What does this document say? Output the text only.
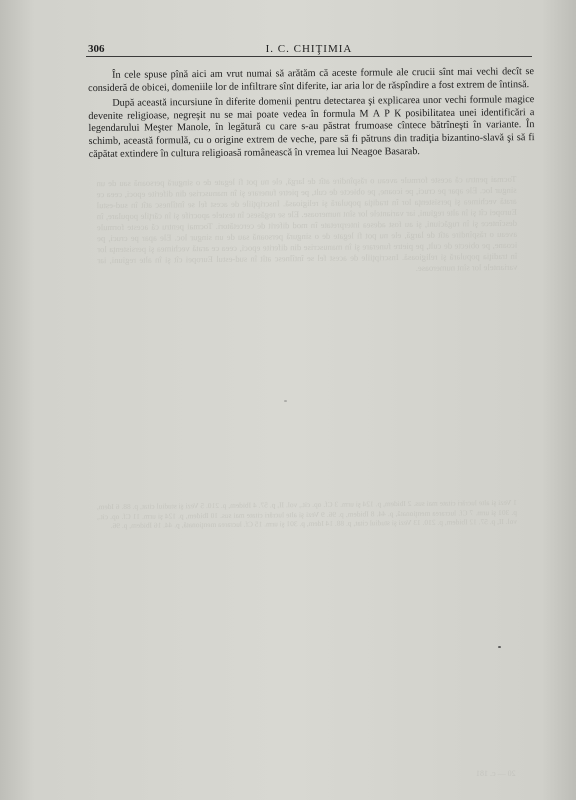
Tocmai pentru că aceste formule aveau o răspîndire atît de largă, ele nu pot fi legate de o singură persoană sau de un singur loc. Ele apar pe cruci, pe icoane, pe obiecte de cult, pe pietre funerare şi în manuscrise din diferite epoci, ceea ce arată vechimea şi persistenţa lor în tradiţia populară şi religioasă. Inscripţiile de acest fel se întîlnesc atît în sud-estul Europei cît şi în alte regiuni, iar variantele lor sînt numeroase. Ele se regăsesc în textele apocrife şi în cărţile populare, în descîntece şi în rugăciuni, şi au fost adesea interpretate în mod diferit de cercetători. Tocmai pentru că aceste formule aveau o răspîndire atît de largă, ele nu pot fi legate de o singură persoană sau de un singur loc. Ele apar pe cruci, pe icoane, pe obiecte de cult, pe pietre funerare şi în manuscrise din diferite epoci, ceea ce arată vechimea şi persistenţa lor în tradiţia populară şi religioasă. Inscripţiile de acest fel se întîlnesc atît în sud-estul Europei cît şi în alte regiuni, iar variantele lor sînt numeroase.
1 Vezi şi alte lucrări citate mai sus. 2 Ibidem, p. 124 şi urm. 3 Cf. op. cit., vol. II, p. 57. 4 Ibidem, p. 210. 5 Vezi şi studiul citat, p. 88. 6 Idem, p. 301 şi urm. 7 Cf. lucrarea menţionată, p. 44. 8 Ibidem, p. 96. 9 Vezi şi alte lucrări citate mai sus. 10 Ibidem, p. 124 şi urm. 11 Cf. op. cit., vol. II, p. 57. 12 Ibidem, p. 210. 13 Vezi şi studiul citat, p. 88. 14 Idem, p. 301 şi urm. 15 Cf. lucrarea menţionată, p. 44. 16 Ibidem, p. 96.
20 — c. 181
306	I. C. CHIŢIMIA

În cele spuse pînă aici am vrut numai să arătăm că aceste formule ale crucii sînt mai vechi decît se consideră de obicei, domeniile lor de infiltrare sînt diferite, iar aria lor de răspîndire a fost extrem de întinsă.

După această incursiune în diferite domenii pentru detectarea şi explicarea unor vechi formule magice devenite religioase, negreşit nu se mai poate vedea în formula М А Р К posibilitatea unei identificări a legendarului Meşter Manole, în legătură cu care s-au păstrat frumoase cîntece bătrîneşti în variante. În schimb, această formulă, cu o origine extrem de veche, pare să fi pătruns din tradiţia bizantino-slavă şi să fi căpătat extindere în cultura religioasă românească în vremea lui Neagoe Basarab.
